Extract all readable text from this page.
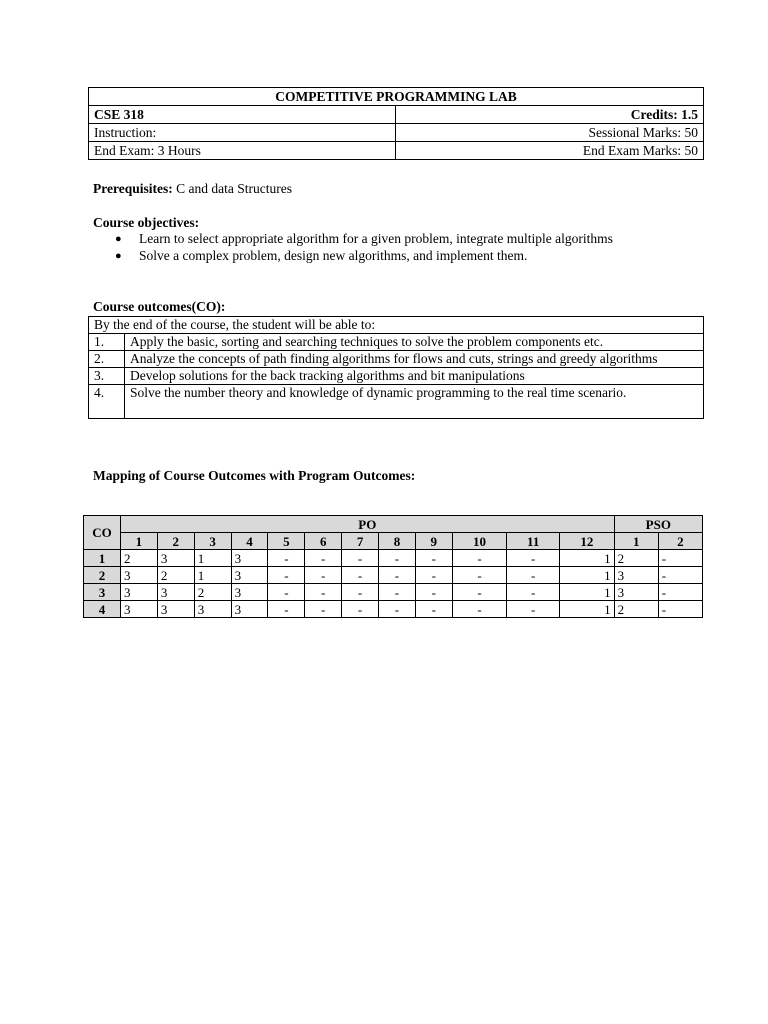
COMPETITIVE PROGRAMMING LAB	
CSE 318	Credits: 1.5
Instruction:	Sessional Marks: 50
End Exam: 3 Hours	End Exam Marks: 50
Prerequisites: C and data Structures
Course objectives:
● Learn to select appropriate algorithm for a given problem, integrate multiple algorithms
● Solve a complex problem, design new algorithms, and implement them.
Course outcomes(CO):
By the end of the course, the student will be able to:	
1.	Apply the basic, sorting and searching techniques to solve the problem components etc.
2.	Analyze the concepts of path finding algorithms for flows and cuts, strings and greedy algorithms
3.	Develop solutions for the back tracking algorithms and bit manipulations
4.	Solve the number theory and knowledge of dynamic programming to the real time scenario.
Mapping of Course Outcomes with Program Outcomes:
CO	PO												PSO	
	1	2	3	4	5	6	7	8	9	10	11	12	1	2
1	2	3	1	3	-	-	-	-	-	-	-	1	2	-
2	3	2	1	3	-	-	-	-	-	-	-	1	3	-
3	3	3	2	3	-	-	-	-	-	-	-	1	3	-
4	3	3	3	3	-	-	-	-	-	-	-	1	2	-
